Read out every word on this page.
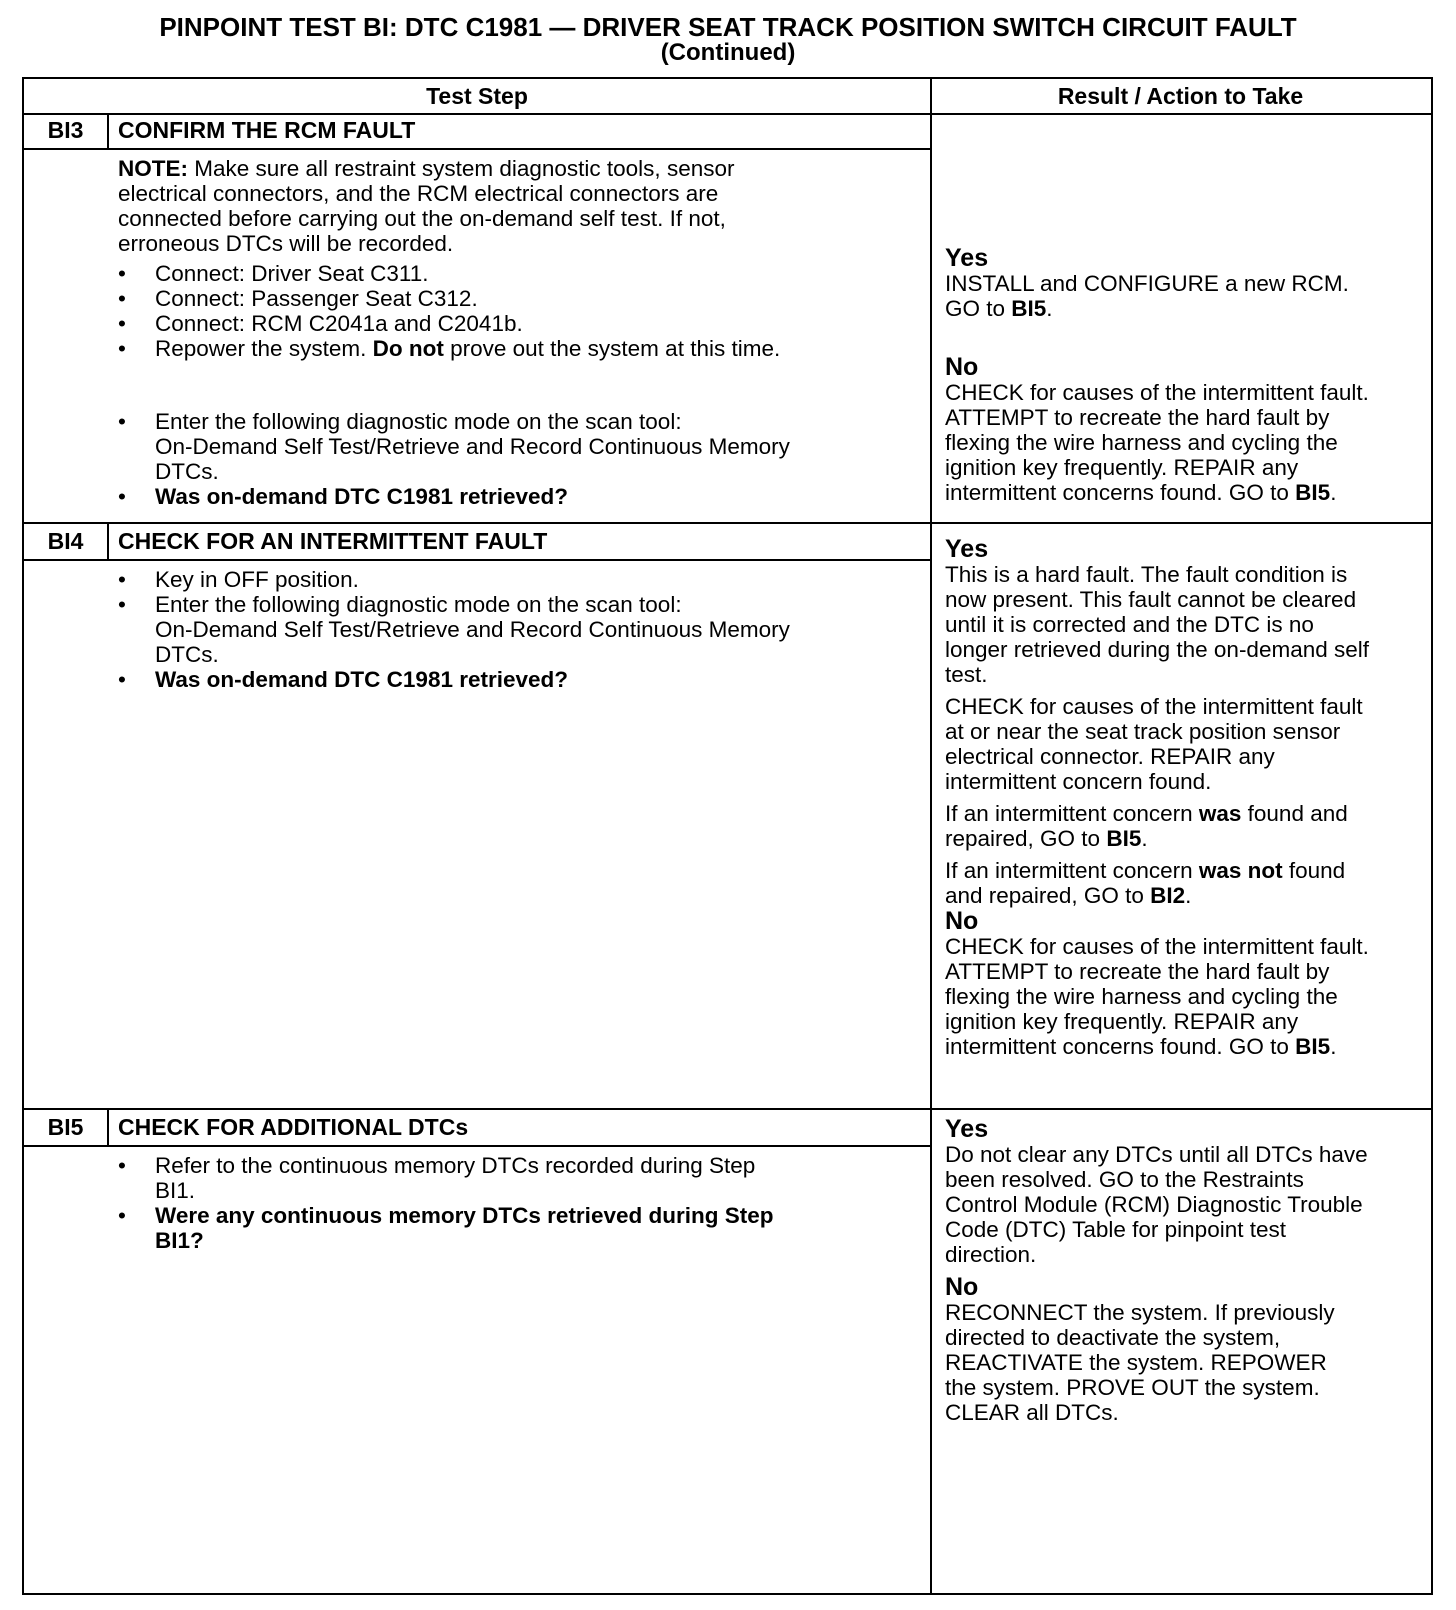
PINPOINT TEST BI: DTC C1981 — DRIVER SEAT TRACK POSITION SWITCH CIRCUIT FAULT
(Continued)
Test Step	Result / Action to Take
BI3	CONFIRM THE RCM FAULT
NOTE: Make sure all restraint system diagnostic tools, sensor
electrical connectors, and the RCM electrical connectors are
connected before carrying out the on-demand self test. If not,
erroneous DTCs will be recorded.
• Connect: Driver Seat C311.
• Connect: Passenger Seat C312.
• Connect: RCM C2041a and C2041b.
• Repower the system. Do not prove out the system at this time.
• Enter the following diagnostic mode on the scan tool:
On-Demand Self Test/Retrieve and Record Continuous Memory
DTCs.
• Was on-demand DTC C1981 retrieved?
Yes
INSTALL and CONFIGURE a new RCM.
GO to BI5.
No
CHECK for causes of the intermittent fault.
ATTEMPT to recreate the hard fault by
flexing the wire harness and cycling the
ignition key frequently. REPAIR any
intermittent concerns found. GO to BI5.
BI4	CHECK FOR AN INTERMITTENT FAULT
• Key in OFF position.
• Enter the following diagnostic mode on the scan tool:
On-Demand Self Test/Retrieve and Record Continuous Memory
DTCs.
• Was on-demand DTC C1981 retrieved?
Yes
This is a hard fault. The fault condition is
now present. This fault cannot be cleared
until it is corrected and the DTC is no
longer retrieved during the on-demand self
test.
CHECK for causes of the intermittent fault
at or near the seat track position sensor
electrical connector. REPAIR any
intermittent concern found.
If an intermittent concern was found and
repaired, GO to BI5.
If an intermittent concern was not found
and repaired, GO to BI2.
No
CHECK for causes of the intermittent fault.
ATTEMPT to recreate the hard fault by
flexing the wire harness and cycling the
ignition key frequently. REPAIR any
intermittent concerns found. GO to BI5.
BI5	CHECK FOR ADDITIONAL DTCs
• Refer to the continuous memory DTCs recorded during Step
BI1.
• Were any continuous memory DTCs retrieved during Step
BI1?
Yes
Do not clear any DTCs until all DTCs have
been resolved. GO to the Restraints
Control Module (RCM) Diagnostic Trouble
Code (DTC) Table for pinpoint test
direction.
No
RECONNECT the system. If previously
directed to deactivate the system,
REACTIVATE the system. REPOWER
the system. PROVE OUT the system.
CLEAR all DTCs.
